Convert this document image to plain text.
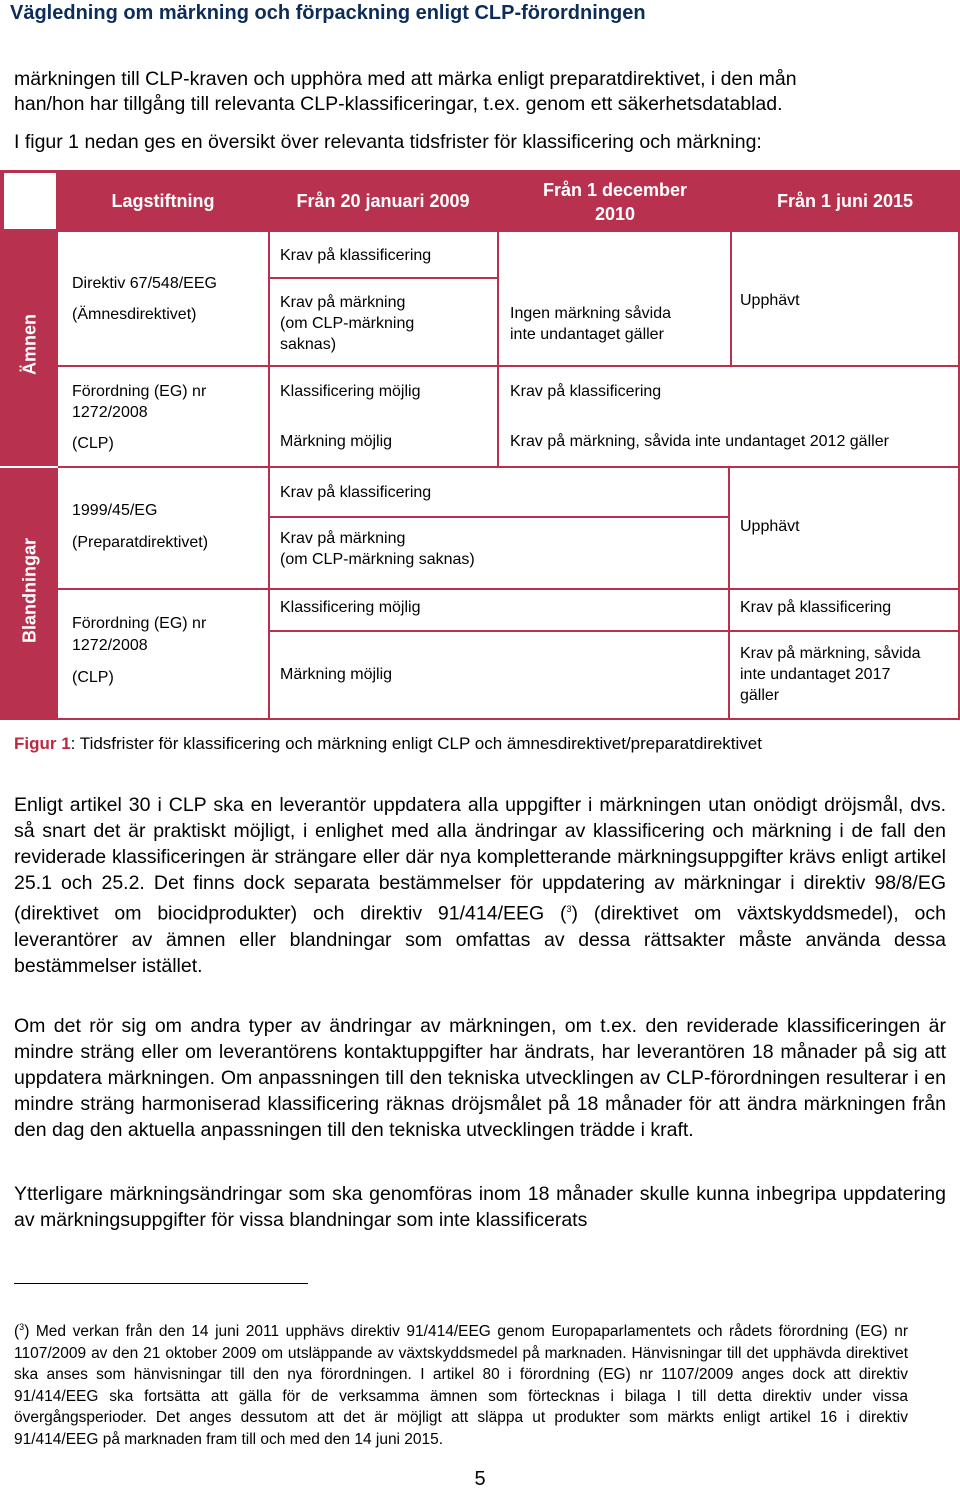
Vägledning om märkning och förpackning enligt CLP-förordningen
märkningen till CLP-kraven och upphöra med att märka enligt preparatdirektivet, i den mån
han/hon har tillgång till relevanta CLP-klassificeringar, t.ex. genom ett säkerhetsdatablad.
I figur 1 nedan ges en översikt över relevanta tidsfrister för klassificering och märkning:
Lagstiftning	Från 20 januari 2009
Från 1 december 2010
Från 1 juni 2015
Ämnen
Blandningar
Direktiv 67/548/EEG
(Ämnesdirektivet)
Krav på klassificering
Krav på märkning
(om CLP-märkning
saknas)
Ingen märkning såvida
inte undantaget gäller
Upphävt
Förordning (EG) nr
1272/2008
(CLP)
Klassificering möjlig
Märkning möjlig
Krav på klassificering
Krav på märkning, såvida inte undantaget 2012 gäller
1999/45/EG
(Preparatdirektivet)
Krav på klassificering
Krav på märkning
(om CLP-märkning saknas)
Upphävt
Förordning (EG) nr
1272/2008
(CLP)
Klassificering möjlig
Märkning möjlig
Krav på klassificering
Krav på märkning, såvida
inte undantaget 2017
gäller
Figur 1: Tidsfrister för klassificering och märkning enligt CLP och ämnesdirektivet/preparatdirektivet
Enligt artikel 30 i CLP ska en leverantör uppdatera alla uppgifter i märkningen utan onödigt dröjsmål, dvs. så snart det är praktiskt möjligt, i enlighet med alla ändringar av klassificering och märkning i de fall den reviderade klassificeringen är strängare eller där nya kompletterande märkningsuppgifter krävs enligt artikel 25.1 och 25.2. Det finns dock separata bestämmelser för uppdatering av märkningar i direktiv 98/8/EG (direktivet om biocidprodukter) och direktiv 91/414/EEG ($^3$) (direktivet om växtskyddsmedel), och leverantörer av ämnen eller blandningar som omfattas av dessa rättsakter måste använda dessa bestämmelser istället.
Om det rör sig om andra typer av ändringar av märkningen, om t.ex. den reviderade klassificeringen är mindre sträng eller om leverantörens kontaktuppgifter har ändrats, har leverantören 18 månader på sig att uppdatera märkningen. Om anpassningen till den tekniska utvecklingen av CLP-förordningen resulterar i en mindre sträng harmoniserad klassificering räknas dröjsmålet på 18 månader för att ändra märkningen från den dag den aktuella anpassningen till den tekniska utvecklingen trädde i kraft.
Ytterligare märkningsändringar som ska genomföras inom 18 månader skulle kunna inbegripa uppdatering av märkningsuppgifter för vissa blandningar som inte klassificerats
($^3$) Med verkan från den 14 juni 2011 upphävs direktiv 91/414/EEG genom Europaparlamentets och rådets förordning (EG) nr 1107/2009 av den 21 oktober 2009 om utsläppande av växtskyddsmedel på marknaden. Hänvisningar till det upphävda direktivet ska anses som hänvisningar till den nya förordningen. I artikel 80 i förordning (EG) nr 1107/2009 anges dock att direktiv 91/414/EEG ska fortsätta att gälla för de verksamma ämnen som förtecknas i bilaga I till detta direktiv under vissa övergångsperioder. Det anges dessutom att det är möjligt att släppa ut produkter som märkts enligt artikel 16 i direktiv 91/414/EEG på marknaden fram till och med den 14 juni 2015.
5
